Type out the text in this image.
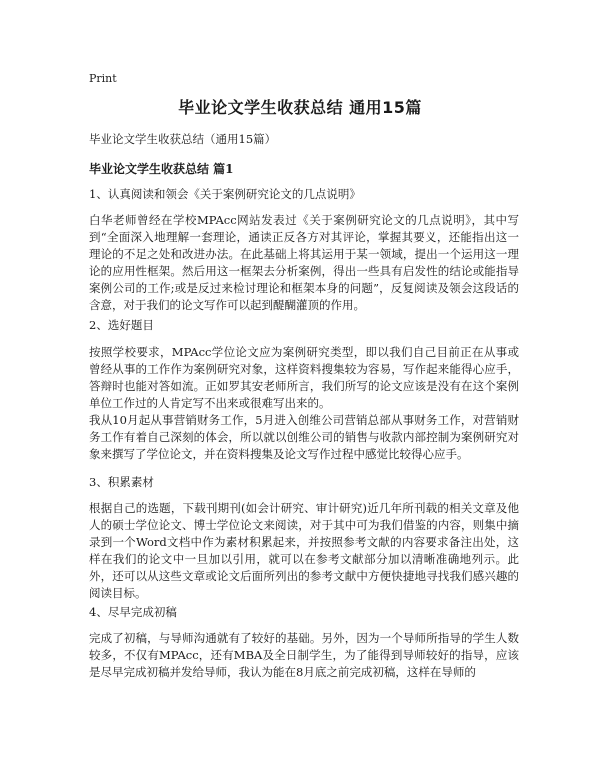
Print
毕业论文学生收获总结 通用15篇
毕业论文学生收获总结（通用15篇）
毕业论文学生收获总结 篇1
1、认真阅读和领会《关于案例研究论文的几点说明》

白华老师曾经在学校MPAcc网站发表过《关于案例研究论文的几点说明》，其中写到“全面深入地理解一套理论，通读正反各方对其评论，掌握其要义，还能指出这一理论的不足之处和改进办法。在此基础上将其运用于某一领域，提出一个运用这一理论的应用性框架。然后用这一框架去分析案例，得出一些具有启发性的结论或能指导案例公司的工作;或是反过来检讨理论和框架本身的问题”，反复阅读及领会这段话的含意，对于我们的论文写作可以起到醍醐灌顶的作用。

2、选好题目

按照学校要求，MPAcc学位论文应为案例研究类型，即以我们自己目前正在从事或曾经从事的工作作为案例研究对象，这样资料搜集较为容易，写作起来能得心应手，答辩时也能对答如流。正如罗其安老师所言，我们所写的论文应该是没有在这个案例单位工作过的人肯定写不出来或很难写出来的。

我从10月起从事营销财务工作，5月进入创维公司营销总部从事财务工作，对营销财务工作有着自己深刻的体会，所以就以创维公司的销售与收款内部控制为案例研究对象来撰写了学位论文，并在资料搜集及论文写作过程中感觉比较得心应手。

3、积累素材

根据自己的选题，下载刊期刊(如会计研究、审计研究)近几年所刊载的相关文章及他人的硕士学位论文、博士学位论文来阅读，对于其中可为我们借鉴的内容，则集中摘录到一个Word文档中作为素材积累起来，并按照参考文献的内容要求备注出处，这样在我们的论文中一旦加以引用，就可以在参考文献部分加以清晰准确地列示。此外，还可以从这些文章或论文后面所列出的参考文献中方便快捷地寻找我们感兴趣的阅读目标。

4、尽早完成初稿

完成了初稿，与导师沟通就有了较好的基础。另外，因为一个导师所指导的学生人数较多，不仅有MPAcc，还有MBA及全日制学生，为了能得到导师较好的指导，应该是尽早完成初稿并发给导师，我认为能在8月底之前完成初稿，这样在导师的
